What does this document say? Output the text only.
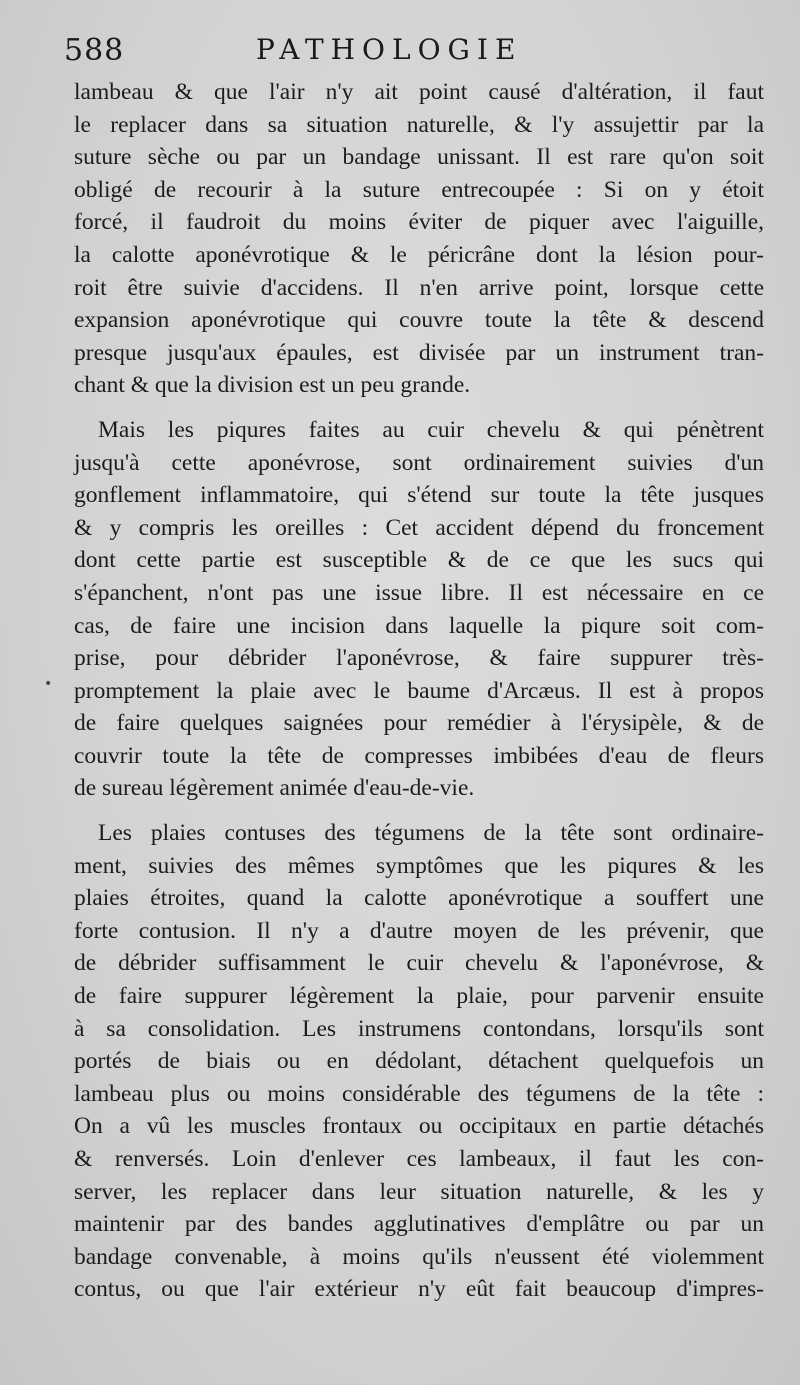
588	PATHOLOGIE
•
lambeau & que l'air n'y ait point causé d'altération, il faut
le replacer dans sa situation naturelle, & l'y assujettir par la
suture sèche ou par un bandage unissant. Il est rare qu'on soit
obligé de recourir à la suture entrecoupée : Si on y étoit
forcé, il faudroit du moins éviter de piquer avec l'aiguille,
la calotte aponévrotique & le péricrâne dont la lésion pour-
roit être suivie d'accidens. Il n'en arrive point, lorsque cette
expansion aponévrotique qui couvre toute la tête & descend
presque jusqu'aux épaules, est divisée par un instrument tran-
chant & que la division est un peu grande.
Mais les piqures faites au cuir chevelu & qui pénètrent
jusqu'à cette aponévrose, sont ordinairement suivies d'un
gonflement inflammatoire, qui s'étend sur toute la tête jusques
& y compris les oreilles : Cet accident dépend du froncement
dont cette partie est susceptible & de ce que les sucs qui
s'épanchent, n'ont pas une issue libre. Il est nécessaire en ce
cas, de faire une incision dans laquelle la piqure soit com-
prise, pour débrider l'aponévrose, & faire suppurer très-
promptement la plaie avec le baume d'Arcæus. Il est à propos
de faire quelques saignées pour remédier à l'érysipèle, & de
couvrir toute la tête de compresses imbibées d'eau de fleurs
de sureau légèrement animée d'eau-de-vie.
Les plaies contuses des tégumens de la tête sont ordinaire-
ment, suivies des mêmes symptômes que les piqures & les
plaies étroites, quand la calotte aponévrotique a souffert une
forte contusion. Il n'y a d'autre moyen de les prévenir, que
de débrider suffisamment le cuir chevelu & l'aponévrose, &
de faire suppurer légèrement la plaie, pour parvenir ensuite
à sa consolidation. Les instrumens contondans, lorsqu'ils sont
portés de biais ou en dédolant, détachent quelquefois un
lambeau plus ou moins considérable des tégumens de la tête :
On a vû les muscles frontaux ou occipitaux en partie détachés
& renversés. Loin d'enlever ces lambeaux, il faut les con-
server, les replacer dans leur situation naturelle, & les y
maintenir par des bandes agglutinatives d'emplâtre ou par un
bandage convenable, à moins qu'ils n'eussent été violemment
contus, ou que l'air extérieur n'y eût fait beaucoup d'impres-
